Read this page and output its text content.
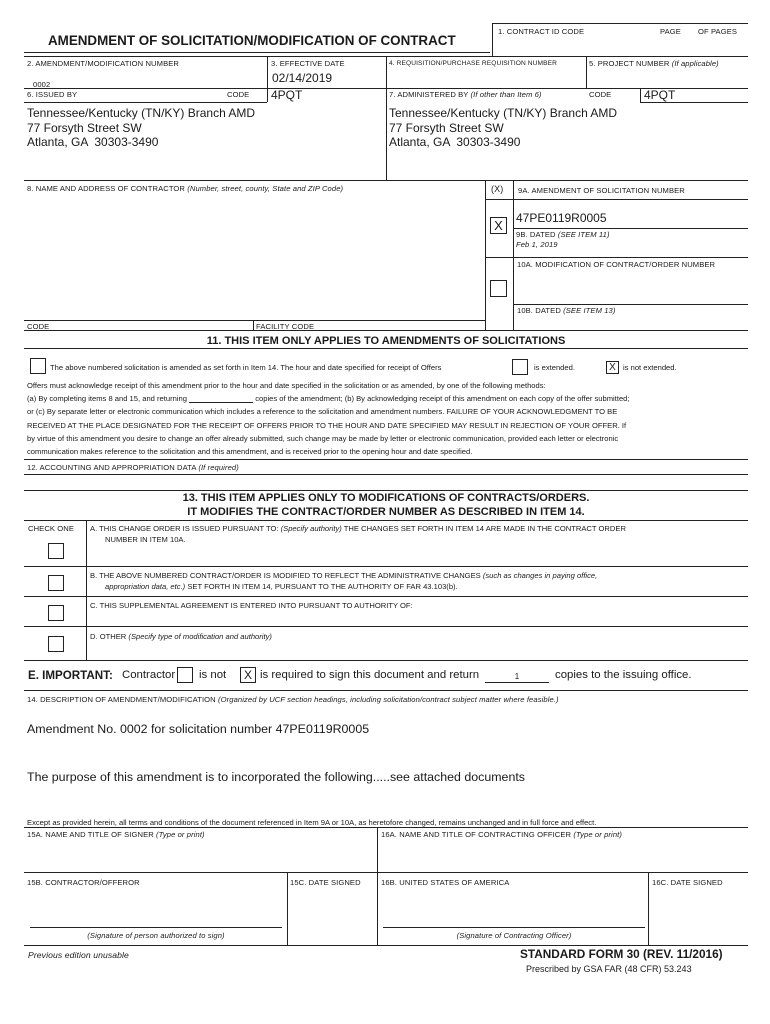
AMENDMENT OF SOLICITATION/MODIFICATION OF CONTRACT
1. CONTRACT ID CODE	PAGE OF PAGES
2. AMENDMENT/MODIFICATION NUMBER
0002
3. EFFECTIVE DATE
02/14/2019
4. REQUISITION/PURCHASE REQUISITION NUMBER	5. PROJECT NUMBER (If applicable)
6. ISSUED BY	CODE 4PQT
Tennessee/Kentucky (TN/KY) Branch AMD
77 Forsyth Street SW
Atlanta, GA  30303-3490
7. ADMINISTERED BY (If other than Item 6)	CODE	4PQT
Tennessee/Kentucky (TN/KY) Branch AMD
77 Forsyth Street SW
Atlanta, GA  30303-3490
8. NAME AND ADDRESS OF CONTRACTOR (Number, street, county, State and ZIP Code)	(X) 9A. AMENDMENT OF SOLICITATION NUMBER
X	47PE0119R0005
9B. DATED (SEE ITEM 11)
Feb 1, 2019
10A. MODIFICATION OF CONTRACT/ORDER NUMBER
10B. DATED (SEE ITEM 13)
CODE	FACILITY CODE
11. THIS ITEM ONLY APPLIES TO AMENDMENTS OF SOLICITATIONS
The above numbered solicitation is amended as set forth in Item 14. The hour and date specified for receipt of Offers	is extended.	X is not extended.
Offers must acknowledge receipt of this amendment prior to the hour and date specified in the solicitation or as amended, by one of the following methods:
(a) By completing items 8 and 15, and returning	copies of the amendment; (b) By acknowledging receipt of this amendment on each copy of the offer submitted;
or (c) By separate letter or electronic communication which includes a reference to the solicitation and amendment numbers. FAILURE OF YOUR ACKNOWLEDGMENT TO BE
RECEIVED AT THE PLACE DESIGNATED FOR THE RECEIPT OF OFFERS PRIOR TO THE HOUR AND DATE SPECIFIED MAY RESULT IN REJECTION OF YOUR OFFER. If
by virtue of this amendment you desire to change an offer already submitted, such change may be made by letter or electronic communication, provided each letter or electronic
communication makes reference to the solicitation and this amendment, and is received prior to the opening hour and date specified.
12. ACCOUNTING AND APPROPRIATION DATA (If required)
13. THIS ITEM APPLIES ONLY TO MODIFICATIONS OF CONTRACTS/ORDERS.
IT MODIFIES THE CONTRACT/ORDER NUMBER AS DESCRIBED IN ITEM 14.
CHECK ONE A. THIS CHANGE ORDER IS ISSUED PURSUANT TO: (Specify authority) THE CHANGES SET FORTH IN ITEM 14 ARE MADE IN THE CONTRACT ORDER
NUMBER IN ITEM 10A.
B. THE ABOVE NUMBERED CONTRACT/ORDER IS MODIFIED TO REFLECT THE ADMINISTRATIVE CHANGES (such as changes in paying office,
appropriation data, etc.) SET FORTH IN ITEM 14, PURSUANT TO THE AUTHORITY OF FAR 43.103(b).
C. THIS SUPPLEMENTAL AGREEMENT IS ENTERED INTO PURSUANT TO AUTHORITY OF:
D. OTHER (Specify type of modification and authority)
E. IMPORTANT: Contractor is not	X is required to sign this document and return	1	copies to the issuing office.
14. DESCRIPTION OF AMENDMENT/MODIFICATION (Organized by UCF section headings, including solicitation/contract subject matter where feasible.)
Amendment No. 0002 for solicitation number 47PE0119R0005
The purpose of this amendment is to incorporated the following.....see attached documents
Except as provided herein, all terms and conditions of the document referenced in Item 9A or 10A, as heretofore changed, remains unchanged and in full force and effect.
15A. NAME AND TITLE OF SIGNER (Type or print)	16A. NAME AND TITLE OF CONTRACTING OFFICER (Type or print)
15B. CONTRACTOR/OFFEROR	15C. DATE SIGNED	16B. UNITED STATES OF AMERICA	16C. DATE SIGNED
(Signature of person authorized to sign)	(Signature of Contracting Officer)
Previous edition unusable	STANDARD FORM 30 (REV. 11/2016)
Prescribed by GSA FAR (48 CFR) 53.243
